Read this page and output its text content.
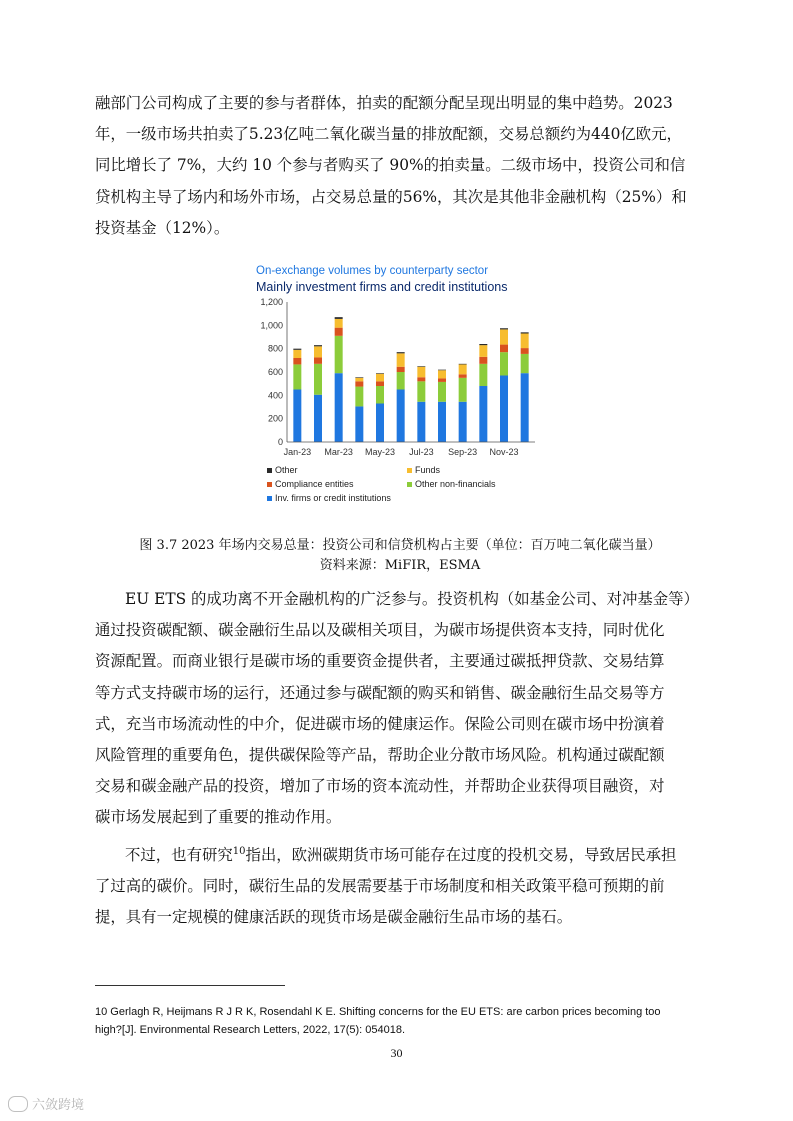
融部门公司构成了主要的参与者群体，拍卖的配额分配呈现出明显的集中趋势。2023
年，一级市场共拍卖了5.23亿吨二氧化碳当量的排放配额，交易总额约为440亿欧元，
同比增长了 7%，大约 10 个参与者购买了 90%的拍卖量。二级市场中，投资公司和信
贷机构主导了场内和场外市场，占交易总量的56%，其次是其他非金融机构（25%）和
投资基金（12%）。
On-exchange volumes by counterparty sector
Mainly investment firms and credit institutions
0
200
400
600
800
1,000
1,200
Jan-23 Mar-23 May-23 Jul-23 Sep-23 Nov-23
Other	Funds
Compliance entities	Other non-financials
Inv. firms or credit institutions

图 3.7 2023 年场内交易总量：投资公司和信贷机构占主要（单位：百万吨二氧化碳当量）

资料来源：MiFIR，ESMA

EU ETS 的成功离不开金融机构的广泛参与。投资机构（如基金公司、对冲基金等）
通过投资碳配额、碳金融衍生品以及碳相关项目，为碳市场提供资本支持，同时优化
资源配置。而商业银行是碳市场的重要资金提供者，主要通过碳抵押贷款、交易结算
等方式支持碳市场的运行，还通过参与碳配额的购买和销售、碳金融衍生品交易等方
式，充当市场流动性的中介，促进碳市场的健康运作。保险公司则在碳市场中扮演着
风险管理的重要角色，提供碳保险等产品，帮助企业分散市场风险。机构通过碳配额
交易和碳金融产品的投资，增加了市场的资本流动性，并帮助企业获得项目融资，对
碳市场发展起到了重要的推动作用。
不过，也有研究$^{10}$指出，欧洲碳期货市场可能存在过度的投机交易，导致居民承担
了过高的碳价。同时，碳衍生品的发展需要基于市场制度和相关政策平稳可预期的前
提，具有一定规模的健康活跃的现货市场是碳金融衍生品市场的基石。

10 Gerlagh R, Heijmans R J R K, Rosendahl K E. Shifting concerns for the EU ETS: are carbon prices becoming too
high?[J]. Environmental Research Letters, 2022, 17(5): 054018.

30
六敛跨境
